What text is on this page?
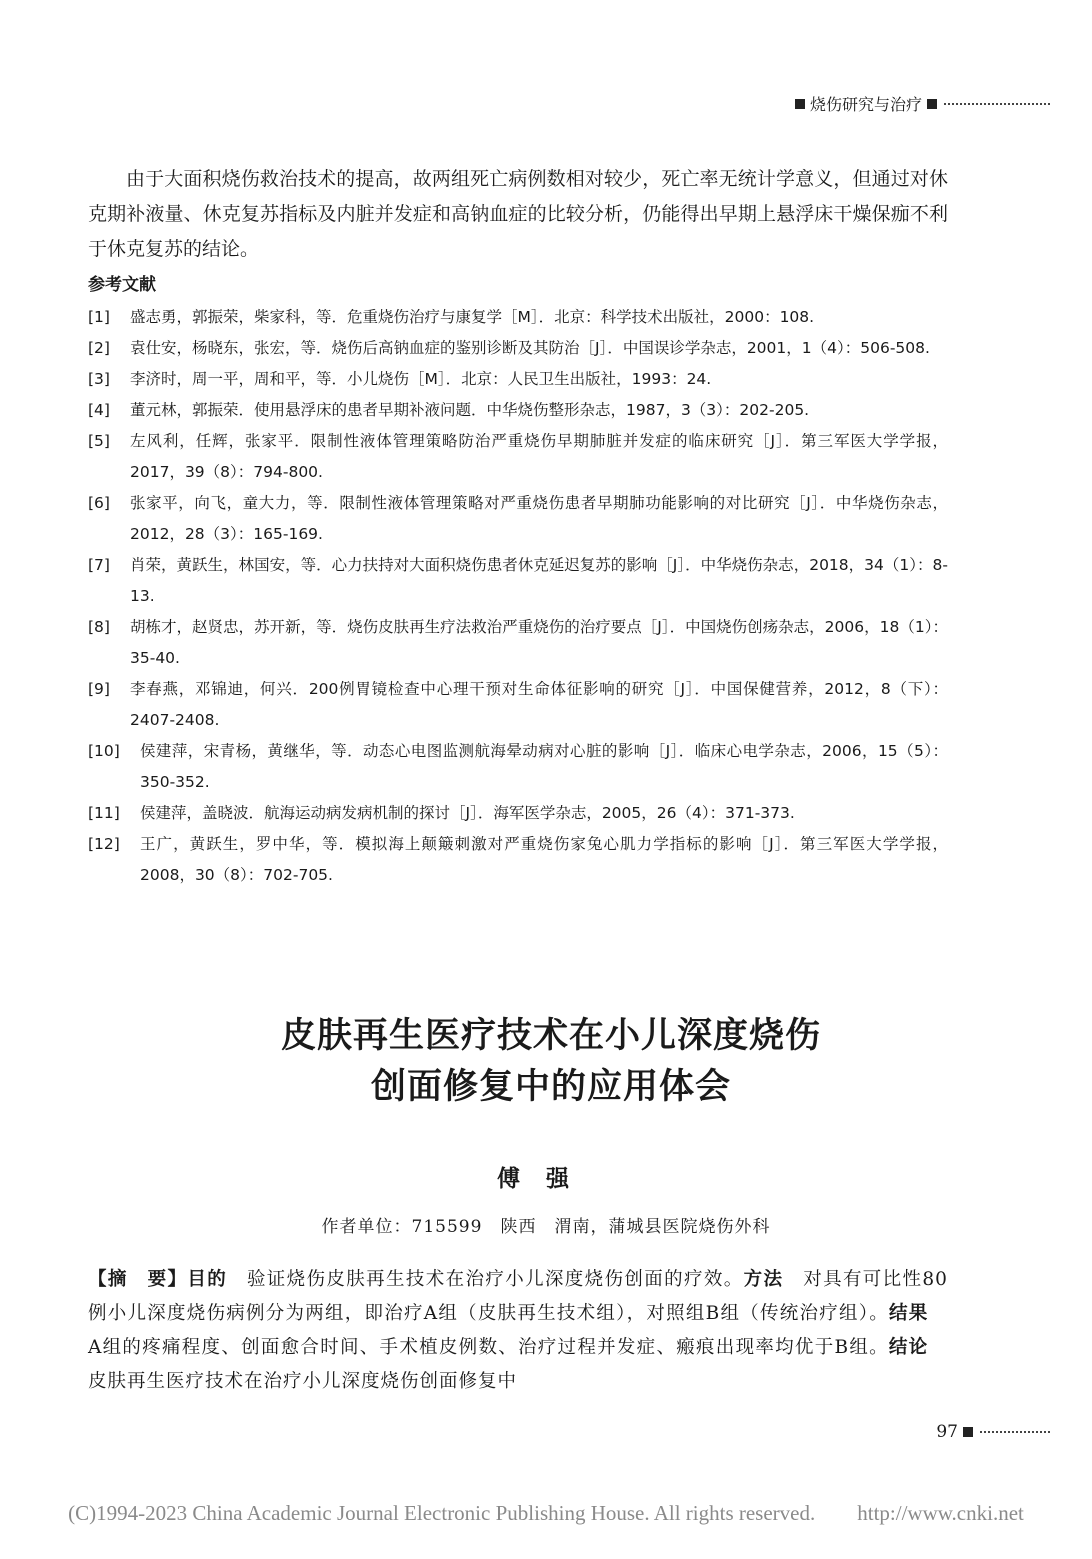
烧伤研究与治疗

由于大面积烧伤救治技术的提高，故两组死亡病例数相对较少，死亡率无统计学意义，但通过对休克期补液量、休克复苏指标及内脏并发症和高钠血症的比较分析，仍能得出早期上悬浮床干燥保痂不利于休克复苏的结论。

参考文献
[1]	盛志勇，郭振荣，柴家科，等．危重烧伤治疗与康复学［M］．北京：科学技术出版社，2000：108.
[2]	袁仕安，杨晓东，张宏，等．烧伤后高钠血症的鉴别诊断及其防治［J］．中国误诊学杂志，2001，1（4）：506-508.
[3]	李济时，周一平，周和平，等．小儿烧伤［M］．北京：人民卫生出版社，1993：24.
[4]	董元林，郭振荣．使用悬浮床的患者早期补液问题．中华烧伤整形杂志，1987，3（3）：202-205.
[5]	左风利，任辉，张家平．限制性液体管理策略防治严重烧伤早期肺脏并发症的临床研究［J］．第三军医大学学报，2017，39（8）：794-800.
[6]	张家平，向飞，童大力，等．限制性液体管理策略对严重烧伤患者早期肺功能影响的对比研究［J］．中华烧伤杂志，2012，28（3）：165-169.
[7]	肖荣，黄跃生，林国安，等．心力扶持对大面积烧伤患者休克延迟复苏的影响［J］．中华烧伤杂志，2018，34（1）：8-13.
[8]	胡栋才，赵贤忠，苏开新，等．烧伤皮肤再生疗法救治严重烧伤的治疗要点［J］．中国烧伤创疡杂志，2006，18（1）：35-40.
[9]	李春燕，邓锦迪，何兴．200例胃镜检查中心理干预对生命体征影响的研究［J］．中国保健营养，2012，8（下）：2407-2408.
[10]	侯建萍，宋青杨，黄继华，等．动态心电图监测航海晕动病对心脏的影响［J］．临床心电学杂志，2006，15（5）：350-352.
[11]	侯建萍，盖晓波．航海运动病发病机制的探讨［J］．海军医学杂志，2005，26（4）：371-373.
[12]	王广，黄跃生，罗中华，等．模拟海上颠簸刺激对严重烧伤家兔心肌力学指标的影响［J］．第三军医大学学报，2008，30（8）：702-705.
皮肤再生医疗技术在小儿深度烧伤
创面修复中的应用体会
傅强
作者单位：715599　陕西　渭南，蒲城县医院烧伤外科
【摘　要】目的　验证烧伤皮肤再生技术在治疗小儿深度烧伤创面的疗效。方法　对具有可比性80例小儿深度烧伤病例分为两组，即治疗A组（皮肤再生技术组），对照组B组（传统治疗组）。结果　A组的疼痛程度、创面愈合时间、手术植皮例数、治疗过程并发症、瘢痕出现率均优于B组。结论　皮肤再生医疗技术在治疗小儿深度烧伤创面修复中
97
(C)1994-2023 China Academic Journal Electronic Publishing House. All rights reserved.　　http://www.cnki.net
